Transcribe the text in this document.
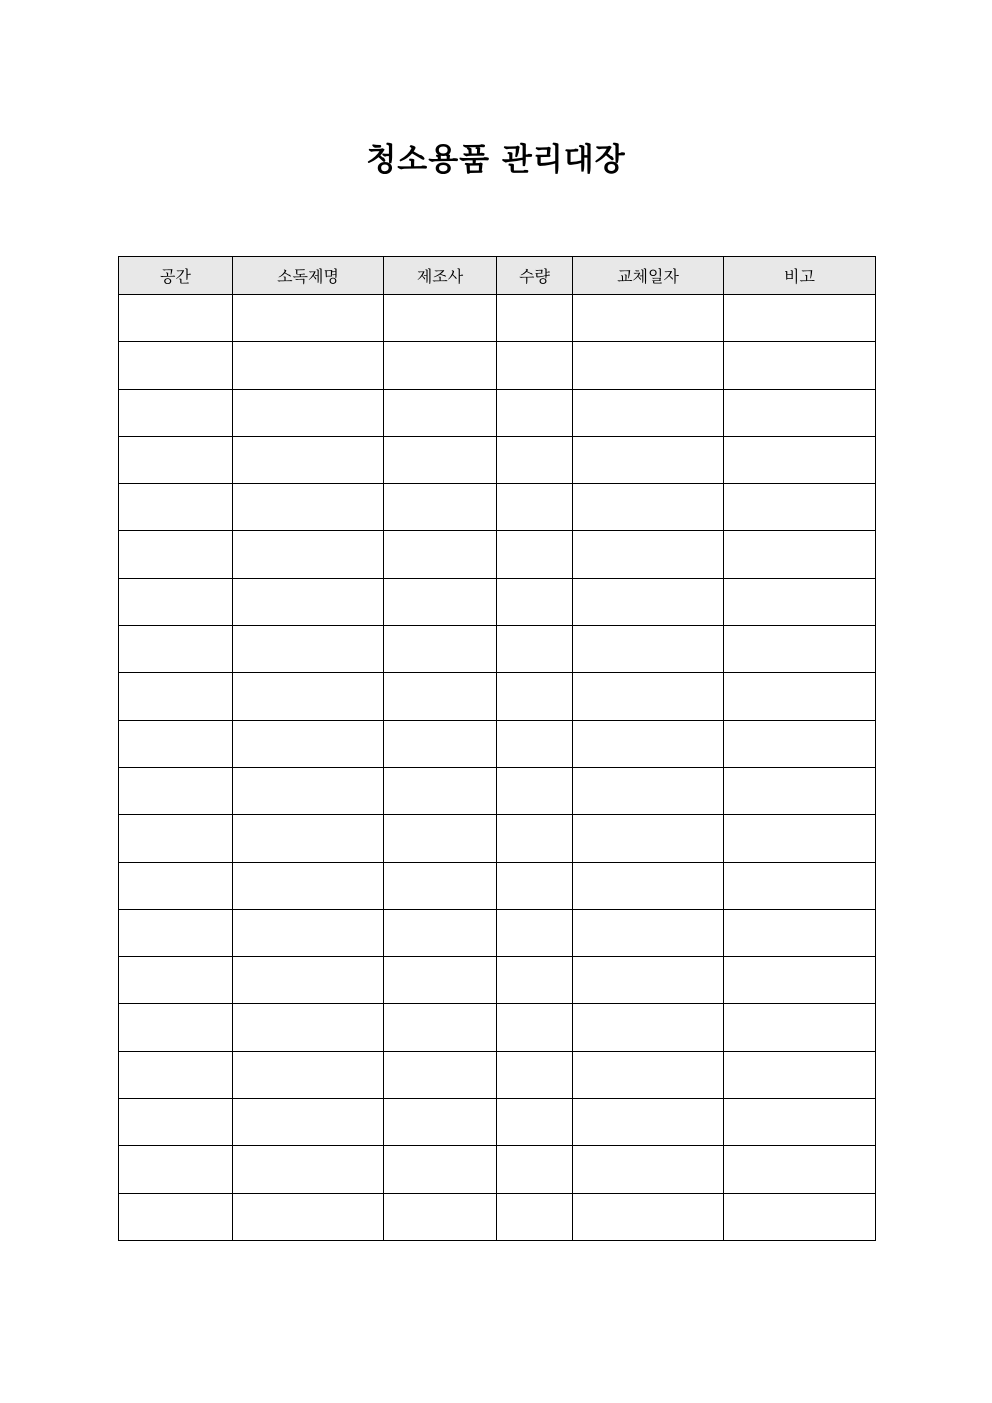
청소용품 관리대장
공간	소독제명	제조사	수량	교체일자	비고
